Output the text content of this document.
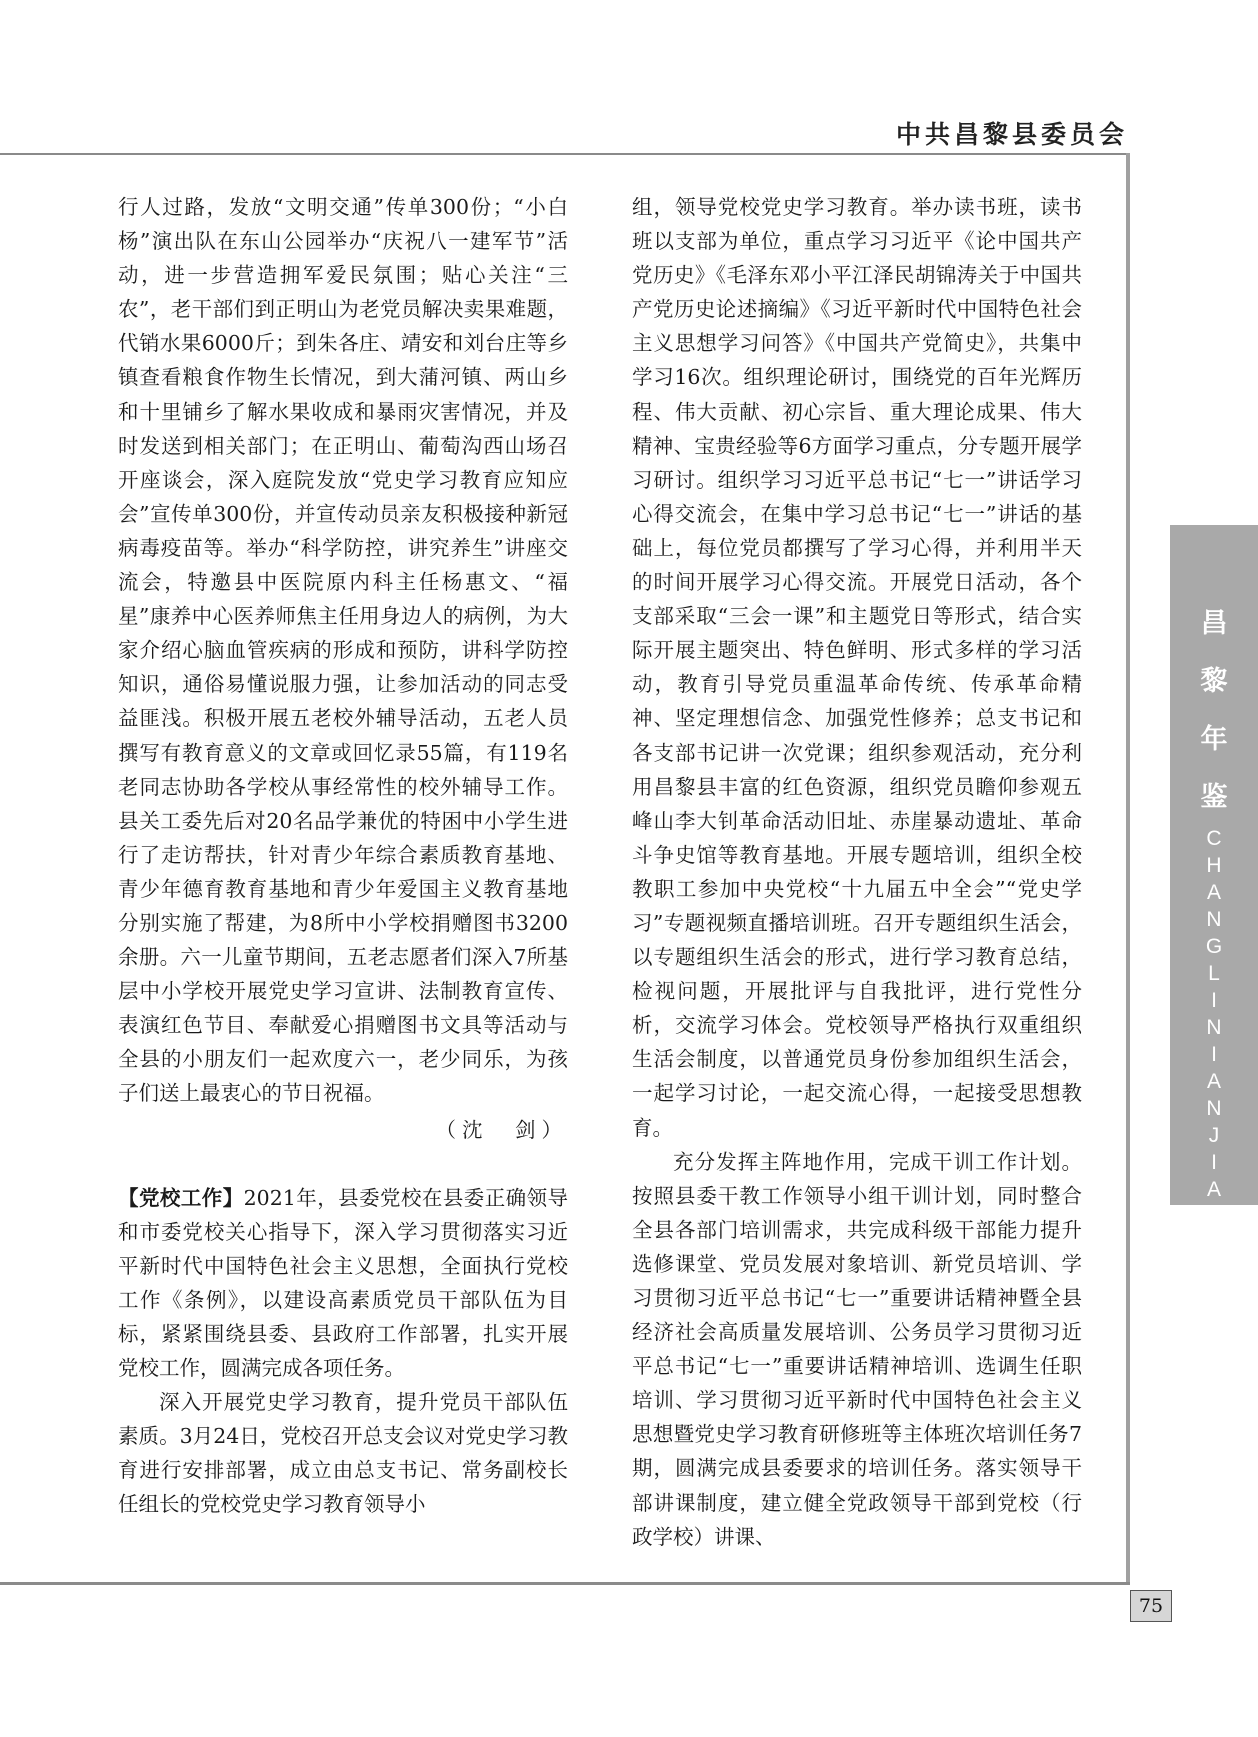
中共昌黎县委员会

行人过路，发放“文明交通”传单300份；“小白杨”演出队在东山公园举办“庆祝八一建军节”活动，进一步营造拥军爱民氛围；贴心关注“三农”，老干部们到正明山为老党员解决卖果难题，代销水果6000斤；到朱各庄、靖安和刘台庄等乡镇查看粮食作物生长情况，到大蒲河镇、两山乡和十里铺乡了解水果收成和暴雨灾害情况，并及时发送到相关部门；在正明山、葡萄沟西山场召开座谈会，深入庭院发放“党史学习教育应知应会”宣传单300份，并宣传动员亲友积极接种新冠病毒疫苗等。举办“科学防控，讲究养生”讲座交流会，特邀县中医院原内科主任杨惠文、“福星”康养中心医养师焦主任用身边人的病例，为大家介绍心脑血管疾病的形成和预防，讲科学防控知识，通俗易懂说服力强，让参加活动的同志受益匪浅。积极开展五老校外辅导活动，五老人员撰写有教育意义的文章或回忆录55篇，有119名老同志协助各学校从事经常性的校外辅导工作。县关工委先后对20名品学兼优的特困中小学生进行了走访帮扶，针对青少年综合素质教育基地、青少年德育教育基地和青少年爱国主义教育基地分别实施了帮建，为8所中小学校捐赠图书3200余册。六一儿童节期间，五老志愿者们深入7所基层中小学校开展党史学习宣讲、法制教育宣传、表演红色节目、奉献爱心捐赠图书文具等活动与全县的小朋友们一起欢度六一，老少同乐，为孩子们送上最衷心的节日祝福。

（沈　剑）

【党校工作】2021年，县委党校在县委正确领导和市委党校关心指导下，深入学习贯彻落实习近平新时代中国特色社会主义思想，全面执行党校工作《条例》，以建设高素质党员干部队伍为目标，紧紧围绕县委、县政府工作部署，扎实开展党校工作，圆满完成各项任务。

深入开展党史学习教育，提升党员干部队伍素质。3月24日，党校召开总支会议对党史学习教育进行安排部署，成立由总支书记、常务副校长任组长的党校党史学习教育领导小

组，领导党校党史学习教育。举办读书班，读书班以支部为单位，重点学习习近平《论中国共产党历史》《毛泽东邓小平江泽民胡锦涛关于中国共产党历史论述摘编》《习近平新时代中国特色社会主义思想学习问答》《中国共产党简史》，共集中学习16次。组织理论研讨，围绕党的百年光辉历程、伟大贡献、初心宗旨、重大理论成果、伟大精神、宝贵经验等6方面学习重点，分专题开展学习研讨。组织学习习近平总书记“七一”讲话学习心得交流会，在集中学习总书记“七一”讲话的基础上，每位党员都撰写了学习心得，并利用半天的时间开展学习心得交流。开展党日活动，各个支部采取“三会一课”和主题党日等形式，结合实际开展主题突出、特色鲜明、形式多样的学习活动，教育引导党员重温革命传统、传承革命精神、坚定理想信念、加强党性修养；总支书记和各支部书记讲一次党课；组织参观活动，充分利用昌黎县丰富的红色资源，组织党员瞻仰参观五峰山李大钊革命活动旧址、赤崖暴动遗址、革命斗争史馆等教育基地。开展专题培训，组织全校教职工参加中央党校“十九届五中全会”“党史学习”专题视频直播培训班。召开专题组织生活会，以专题组织生活会的形式，进行学习教育总结，检视问题，开展批评与自我批评，进行党性分析，交流学习体会。党校领导严格执行双重组织生活会制度，以普通党员身份参加组织生活会，一起学习讨论，一起交流心得，一起接受思想教育。

充分发挥主阵地作用，完成干训工作计划。按照县委干教工作领导小组干训计划，同时整合全县各部门培训需求，共完成科级干部能力提升选修课堂、党员发展对象培训、新党员培训、学习贯彻习近平总书记“七一”重要讲话精神暨全县经济社会高质量发展培训、公务员学习贯彻习近平总书记“七一”重要讲话精神培训、选调生任职培训、学习贯彻习近平新时代中国特色社会主义思想暨党史学习教育研修班等主体班次培训任务7期，圆满完成县委要求的培训任务。落实领导干部讲课制度，建立健全党政领导干部到党校（行政学校）讲课、

昌
黎
年
鉴
C
H
A
N
G
L
I
N
I
A
N
J
I
A
N
75
